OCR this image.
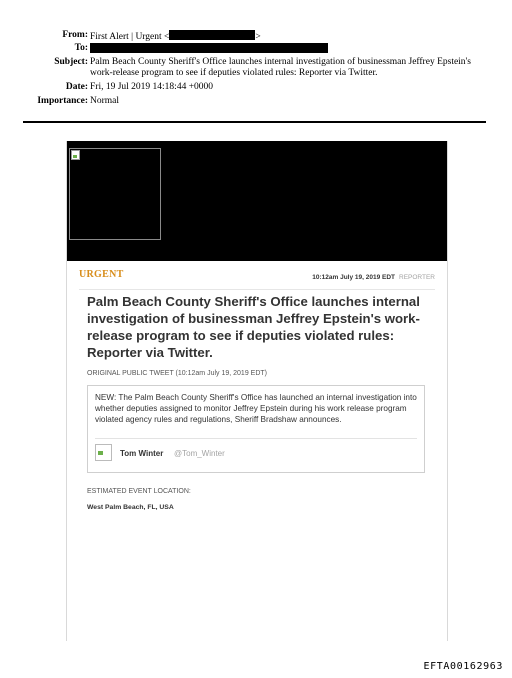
From: First Alert | Urgent <	>
To:
Subject: Palm Beach County Sheriff's Office launches internal investigation of businessman Jeffrey Epstein's work-release program to see if deputies violated rules: Reporter via Twitter.
Date: Fri, 19 Jul 2019 14:18:44 +0000
Importance: Normal
URGENT	10:12am July 19, 2019 EDT REPORTER
Palm Beach County Sheriff's Office launches internal investigation of businessman Jeffrey Epstein's work-release program to see if deputies violated rules: Reporter via Twitter.
ORIGINAL PUBLIC TWEET (10:12am July 19, 2019 EDT)
NEW: The Palm Beach County Sheriff's Office has launched an internal investigation into whether deputies assigned to monitor Jeffrey Epstein during his work release program violated agency rules and regulations, Sheriff Bradshaw announces.
Tom Winter @Tom_Winter
ESTIMATED EVENT LOCATION:
West Palm Beach, FL, USA
EFTA00162963
